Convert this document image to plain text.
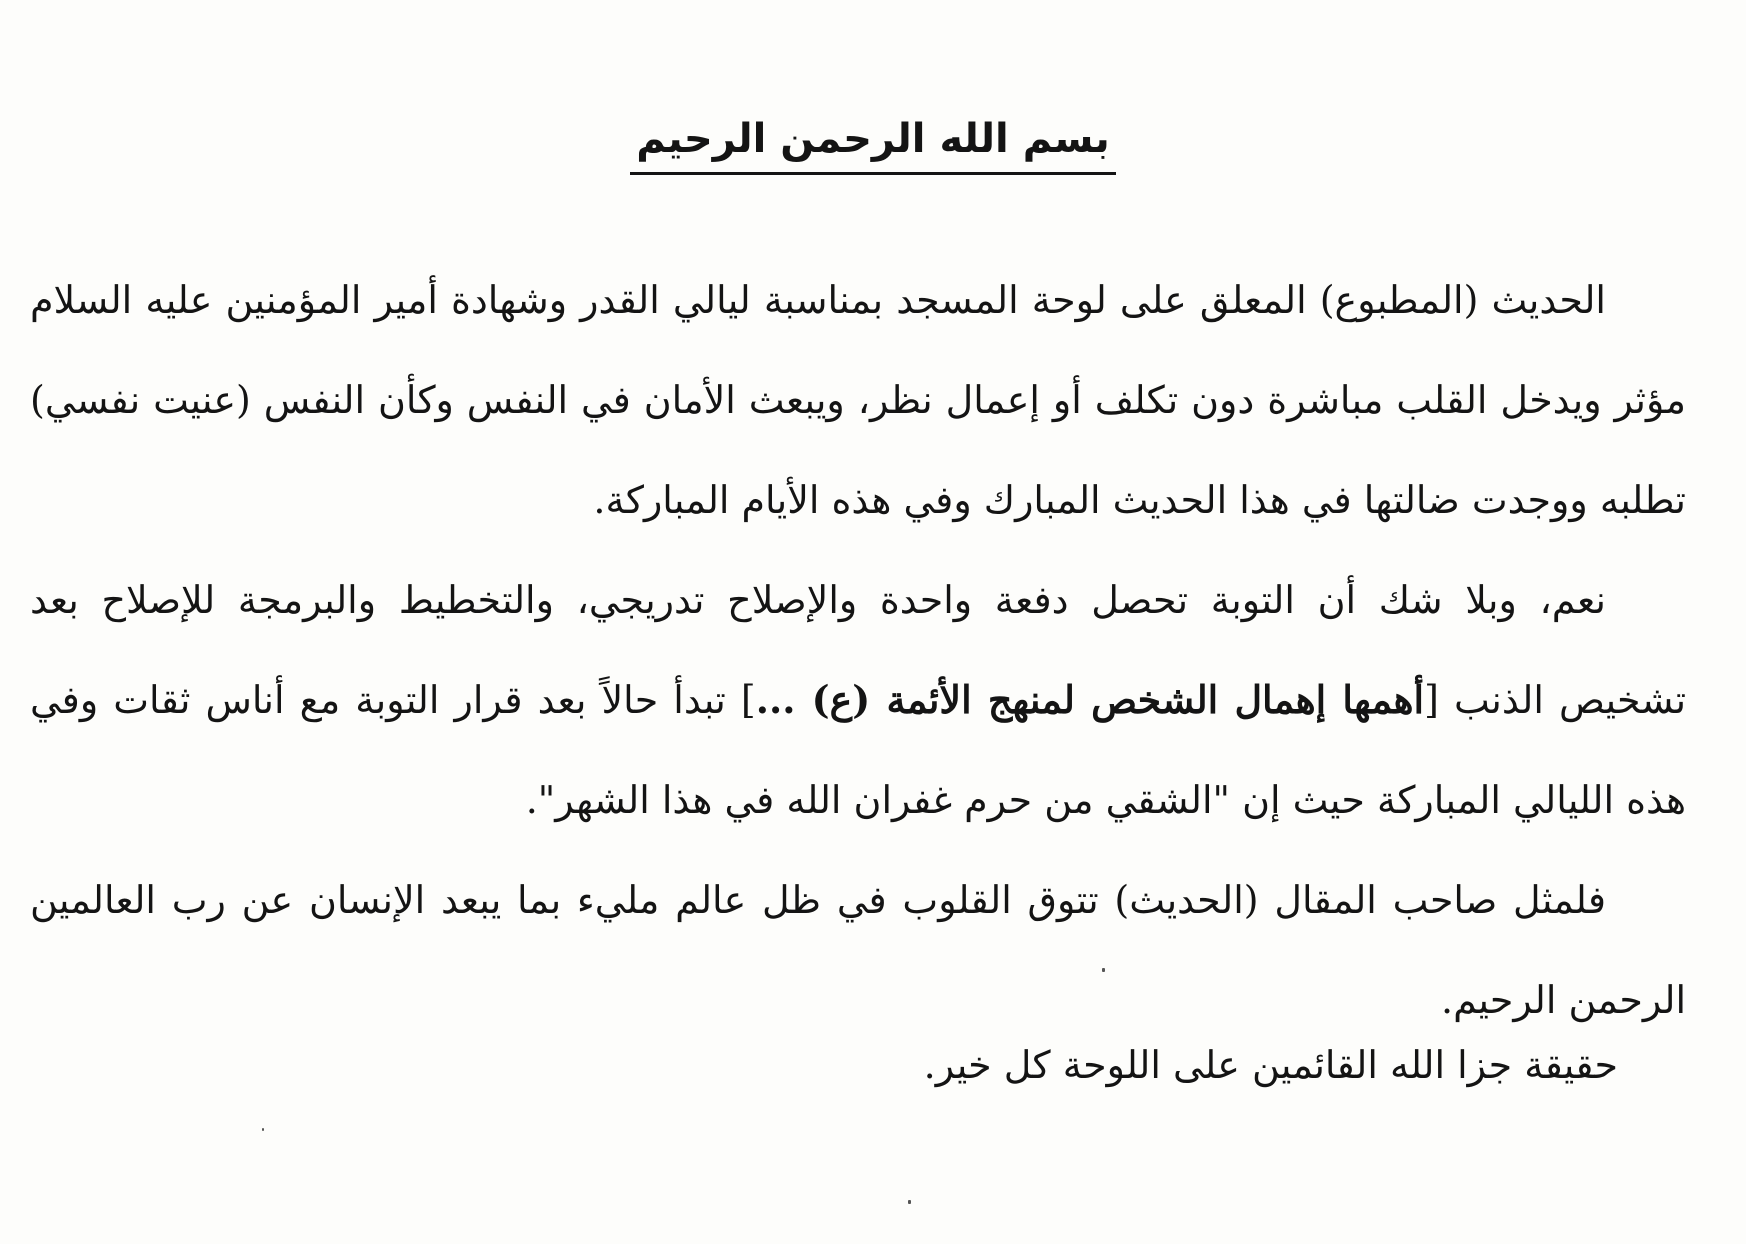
بسم الله الرحمن الرحيم

الحديث (المطبوع) المعلق على لوحة المسجد بمناسبة ليالي القدر وشهادة أمير المؤمنين عليه السلام مؤثر ويدخل القلب مباشرة دون تكلف أو إعمال نظر، ويبعث الأمان في النفس وكأن النفس (عنيت نفسي) تطلبه ووجدت ضالتها في هذا الحديث المبارك وفي هذه الأيام المباركة.

نعم، وبلا شك أن التوبة تحصل دفعة واحدة والإصلاح تدريجي، والتخطيط والبرمجة للإصلاح بعد تشخيص الذنب [أهمها إهمال الشخص لمنهج الأئمة (ع) ...] تبدأ حالاً بعد قرار التوبة مع أناس ثقات وفي هذه الليالي المباركة حيث إن "الشقي من حرم غفران الله في هذا الشهر".

فلمثل صاحب المقال (الحديث) تتوق القلوب في ظل عالم مليء بما يبعد الإنسان عن رب العالمين الرحمن الرحيم.

حقيقة جزا الله القائمين على اللوحة كل خير.
